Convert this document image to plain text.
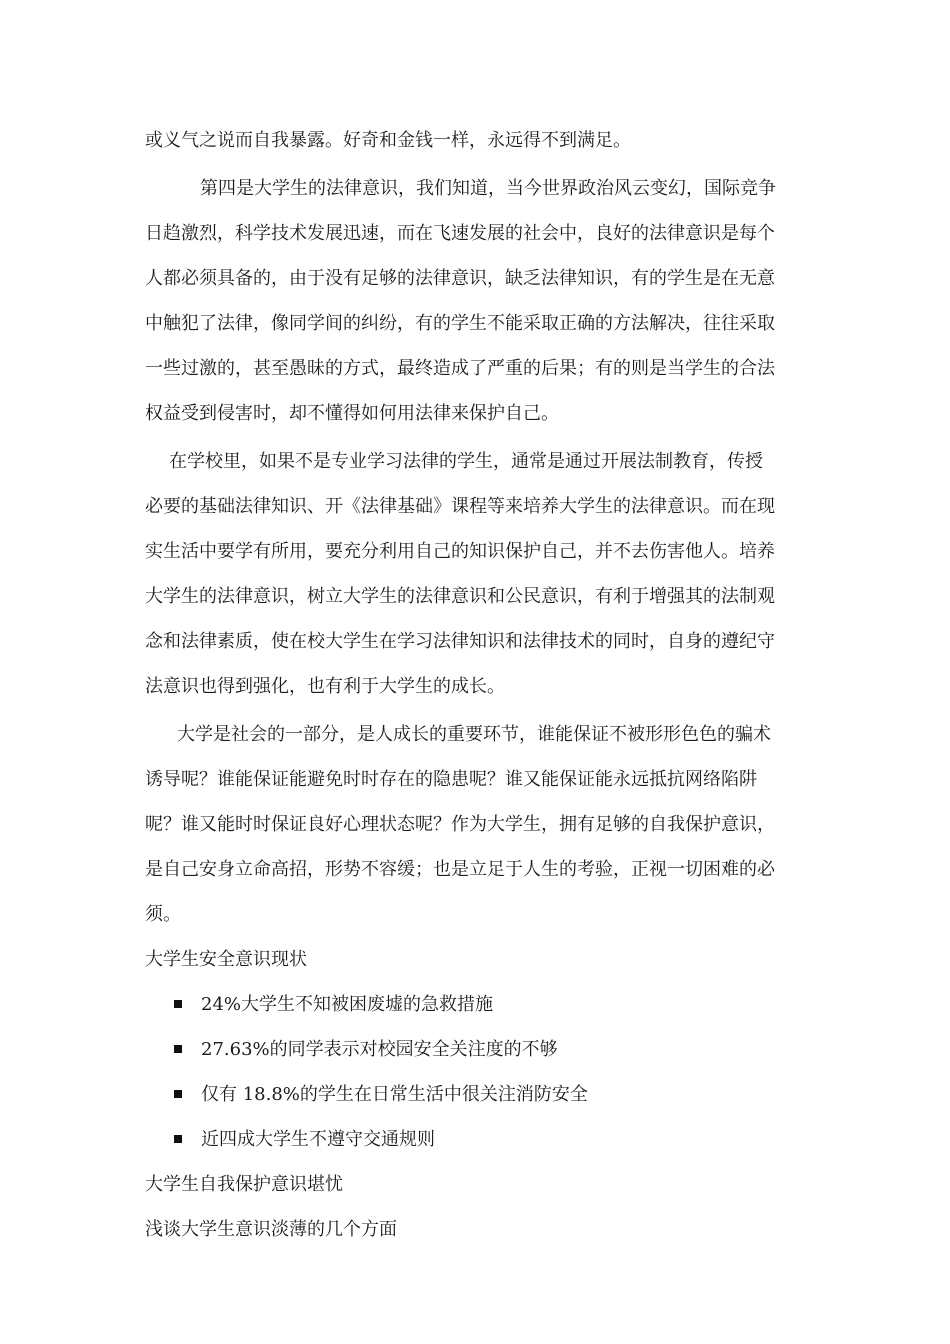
或义气之说而自我暴露。好奇和金钱一样，永远得不到满足。
第四是大学生的法律意识，我们知道，当今世界政治风云变幻，国际竞争
日趋激烈，科学技术发展迅速，而在飞速发展的社会中，良好的法律意识是每个
人都必须具备的，由于没有足够的法律意识，缺乏法律知识，有的学生是在无意
中触犯了法律，像同学间的纠纷，有的学生不能采取正确的方法解决，往往采取
一些过激的，甚至愚昧的方式，最终造成了严重的后果；有的则是当学生的合法
权益受到侵害时，却不懂得如何用法律来保护自己。
在学校里，如果不是专业学习法律的学生，通常是通过开展法制教育，传授
必要的基础法律知识、开《法律基础》课程等来培养大学生的法律意识。而在现
实生活中要学有所用，要充分利用自己的知识保护自己，并不去伤害他人。培养
大学生的法律意识，树立大学生的法律意识和公民意识，有利于增强其的法制观
念和法律素质，使在校大学生在学习法律知识和法律技术的同时，自身的遵纪守
法意识也得到强化，也有利于大学生的成长。
大学是社会的一部分，是人成长的重要环节，谁能保证不被形形色色的骗术
诱导呢？谁能保证能避免时时存在的隐患呢？谁又能保证能永远抵抗网络陷阱
呢？谁又能时时保证良好心理状态呢？作为大学生，拥有足够的自我保护意识，
是自己安身立命高招，形势不容缓；也是立足于人生的考验，正视一切困难的必
须。
大学生安全意识现状
24%大学生不知被困废墟的急救措施
27.63%的同学表示对校园安全关注度的不够
仅有 18.8%的学生在日常生活中很关注消防安全
近四成大学生不遵守交通规则
大学生自我保护意识堪忧
浅谈大学生意识淡薄的几个方面
